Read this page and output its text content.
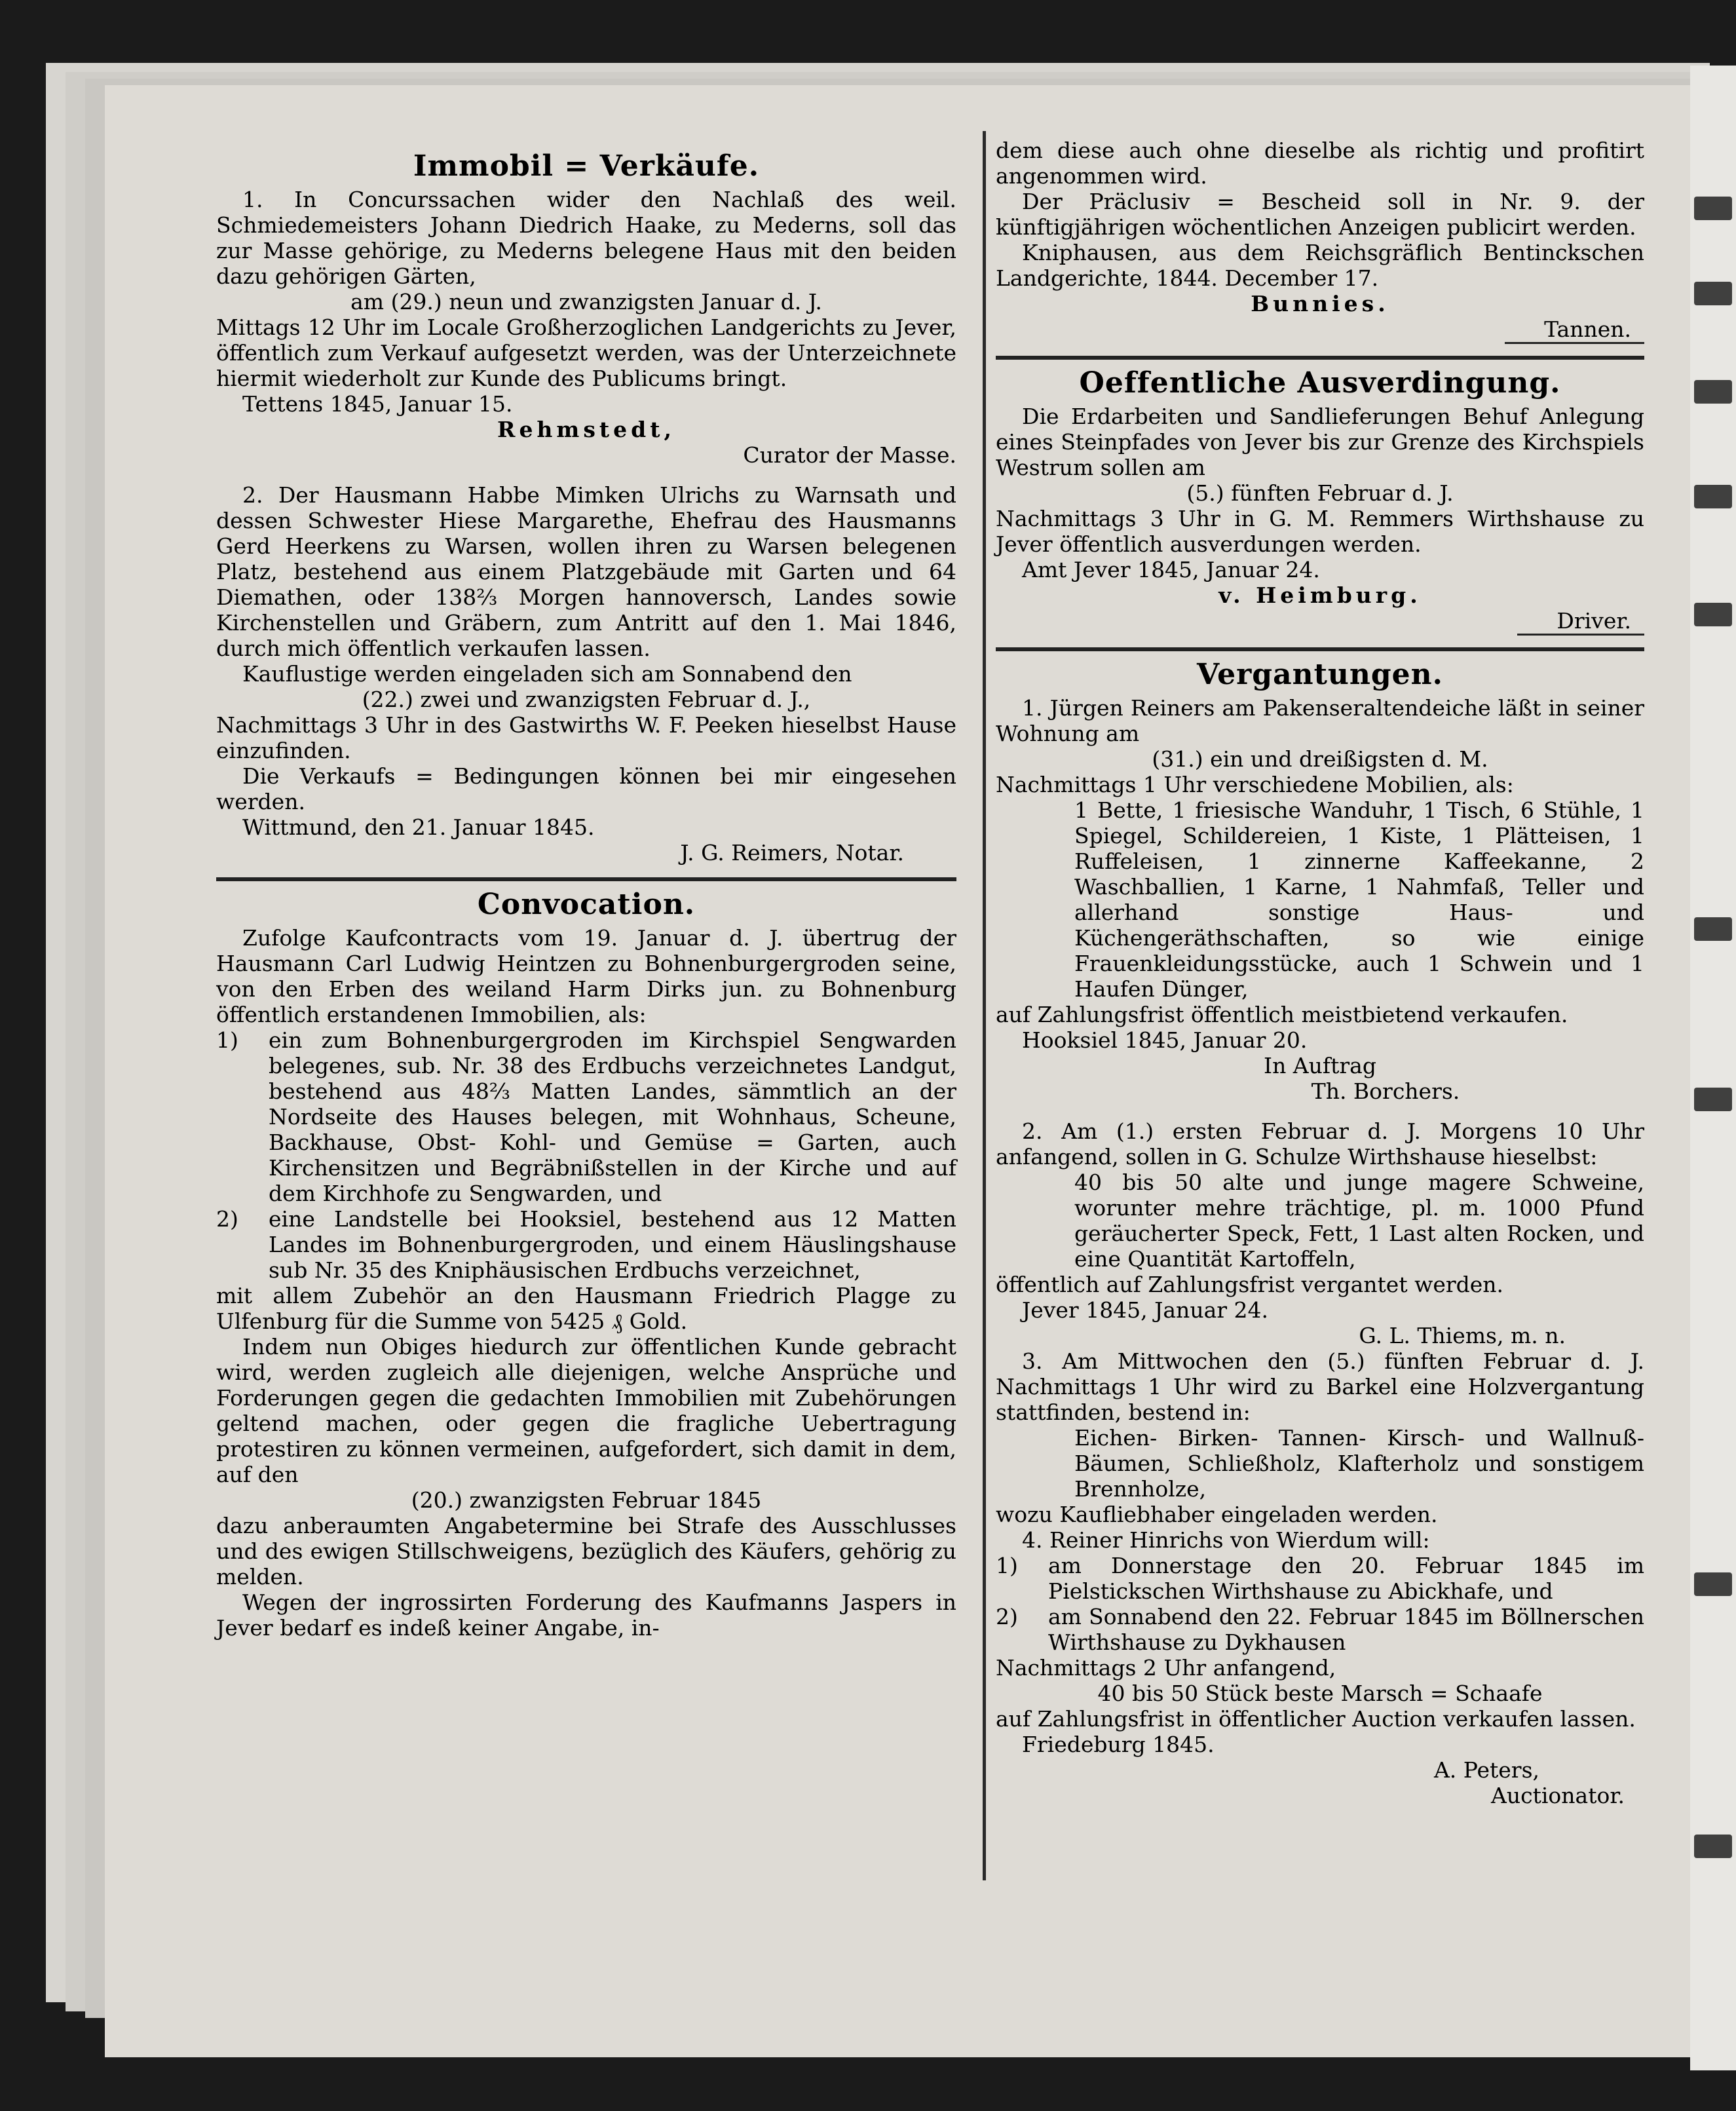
Immobil = Verkäufe.

1. In Concurssachen wider den Nachlaß des weil. Schmiedemeisters Johann Diedrich Haake, zu Mederns, soll das zur Masse gehörige, zu Mederns belegene Haus mit den beiden dazu gehörigen Gärten,

am (29.) neun und zwanzigsten Januar d. J.

Mittags 12 Uhr im Locale Großherzoglichen Landgerichts zu Jever, öffentlich zum Verkauf aufgesetzt werden, was der Unterzeichnete hiermit wiederholt zur Kunde des Publicums bringt.

Tettens 1845, Januar 15.

Rehmstedt,

Curator der Masse.

2. Der Hausmann Habbe Mimken Ulrichs zu Warnsath und dessen Schwester Hiese Margarethe, Ehefrau des Hausmanns Gerd Heerkens zu Warsen, wollen ihren zu Warsen belegenen Platz, bestehend aus einem Platzgebäude mit Garten und 64 Diemathen, oder 138⅔ Morgen hannoversch, Landes sowie Kirchenstellen und Gräbern, zum Antritt auf den 1. Mai 1846, durch mich öffentlich verkaufen lassen.

Kauflustige werden eingeladen sich am Sonnabend den

(22.) zwei und zwanzigsten Februar d. J.,

Nachmittags 3 Uhr in des Gastwirths W. F. Peeken hieselbst Hause einzufinden.

Die Verkaufs = Bedingungen können bei mir eingesehen werden.

Wittmund, den 21. Januar 1845.

J. G. Reimers, Notar.

Convocation.

Zufolge Kaufcontracts vom 19. Januar d. J. übertrug der Hausmann Carl Ludwig Heintzen zu Bohnenburgergroden seine, von den Erben des weiland Harm Dirks jun. zu Bohnenburg öffentlich erstandenen Immobilien, als:

1)	ein zum Bohnenburgergroden im Kirchspiel Sengwarden belegenes, sub. Nr. 38 des Erdbuchs verzeichnetes Landgut, bestehend aus 48⅔ Matten Landes, sämmtlich an der Nordseite des Hauses belegen, mit Wohnhaus, Scheune, Backhause, Obst- Kohl- und Gemüse = Garten, auch Kirchensitzen und Begräbnißstellen in der Kirche und auf dem Kirchhofe zu Sengwarden, und
2)	eine Landstelle bei Hooksiel, bestehend aus 12 Matten Landes im Bohnenburgergroden, und einem Häuslingshause sub Nr. 35 des Kniphäusischen Erdbuchs verzeichnet,

mit allem Zubehör an den Hausmann Friedrich Plagge zu Ulfenburg für die Summe von 5425 ₰ Gold.

Indem nun Obiges hiedurch zur öffentlichen Kunde gebracht wird, werden zugleich alle diejenigen, welche Ansprüche und Forderungen gegen die gedachten Immobilien mit Zubehörungen geltend machen, oder gegen die fragliche Uebertragung protestiren zu können vermeinen, aufgefordert, sich damit in dem, auf den

(20.) zwanzigsten Februar 1845

dazu anberaumten Angabetermine bei Strafe des Ausschlusses und des ewigen Stillschweigens, bezüglich des Käufers, gehörig zu melden.

Wegen der ingrossirten Forderung des Kaufmanns Jaspers in Jever bedarf es indeß keiner Angabe, in-

dem diese auch ohne dieselbe als richtig und profitirt angenommen wird.

Der Präclusiv = Bescheid soll in Nr. 9. der künftigjährigen wöchentlichen Anzeigen publicirt werden.

Kniphausen, aus dem Reichsgräflich Bentinckschen Landgerichte, 1844. December 17.

Bunnies.

Tannen.

Oeffentliche Ausverdingung.

Die Erdarbeiten und Sandlieferungen Behuf Anlegung eines Steinpfades von Jever bis zur Grenze des Kirchspiels Westrum sollen am

(5.) fünften Februar d. J.

Nachmittags 3 Uhr in G. M. Remmers Wirthshause zu Jever öffentlich ausverdungen werden.

Amt Jever 1845, Januar 24.

v. Heimburg.

Driver.

Vergantungen.

1. Jürgen Reiners am Pakenseraltendeiche läßt in seiner Wohnung am

(31.) ein und dreißigsten d. M.

Nachmittags 1 Uhr verschiedene Mobilien, als:

1 Bette, 1 friesische Wanduhr, 1 Tisch, 6 Stühle, 1 Spiegel, Schildereien, 1 Kiste, 1 Plätteisen, 1 Ruffeleisen, 1 zinnerne Kaffeekanne, 2 Waschballien, 1 Karne, 1 Nahmfaß, Teller und allerhand sonstige Haus- und Küchengeräthschaften, so wie einige Frauenkleidungsstücke, auch 1 Schwein und 1 Haufen Dünger,

auf Zahlungsfrist öffentlich meistbietend verkaufen.

Hooksiel 1845, Januar 20.

In Auftrag

Th. Borchers.

2. Am (1.) ersten Februar d. J. Morgens 10 Uhr anfangend, sollen in G. Schulze Wirthshause hieselbst:

40 bis 50 alte und junge magere Schweine, worunter mehre trächtige, pl. m. 1000 Pfund geräucherter Speck, Fett, 1 Last alten Rocken, und eine Quantität Kartoffeln,

öffentlich auf Zahlungsfrist vergantet werden.

Jever 1845, Januar 24.

G. L. Thiems, m. n.

3. Am Mittwochen den (5.) fünften Februar d. J. Nachmittags 1 Uhr wird zu Barkel eine Holzvergantung stattfinden, bestend in:

Eichen- Birken- Tannen- Kirsch- und Wallnuß-Bäumen, Schließholz, Klafterholz und sonstigem Brennholze,

wozu Kaufliebhaber eingeladen werden.

4. Reiner Hinrichs von Wierdum will:

1)	am Donnerstage den 20. Februar 1845 im Pielstickschen Wirthshause zu Abickhafe, und
2)	am Sonnabend den 22. Februar 1845 im Böllnerschen Wirthshause zu Dykhausen

Nachmittags 2 Uhr anfangend,

40 bis 50 Stück beste Marsch = Schaafe

auf Zahlungsfrist in öffentlicher Auction verkaufen lassen.

Friedeburg 1845.

A. Peters,

Auctionator.
